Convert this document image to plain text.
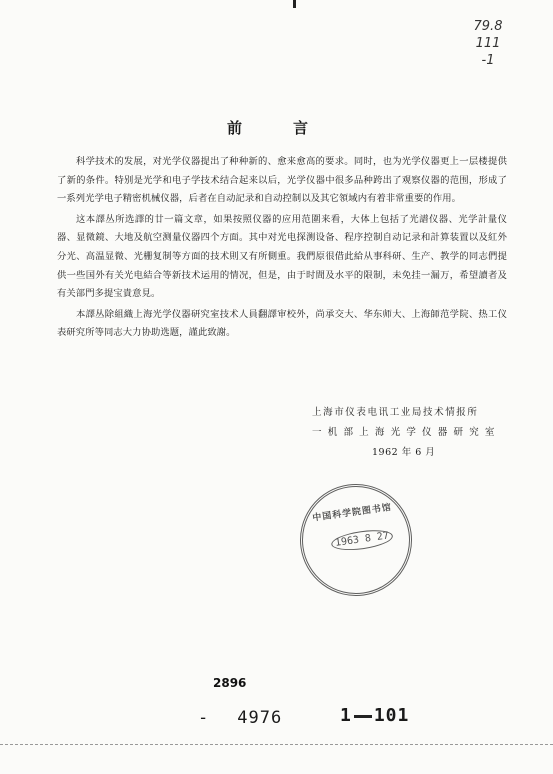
79.8
111
-1
前　言

科学技术的发展，对光学仪器提出了种种新的、愈来愈高的要求。同时，也为光学仪器更上一层楼提供了新的条件。特别是光学和电子学技术结合起来以后，光学仪器中很多品种跨出了观察仪器的范围，形成了一系列光学电子精密机械仪器，后者在自动記录和自动控制以及其它領域内有着非常重要的作用。

这本譯丛所选譯的廿一篇文章，如果按照仪器的应用范圍来看，大体上包括了光譜仪器、光学計量仪器、显微鏡、大地及航空测量仪器四个方面。其中对光电探测设备、程序控制自动记录和計算装置以及紅外分光、高温显微、光栅复制等方面的技术則又有所側重。我們原很借此給从事科研、生产、教学的同志們提供一些国外有关光电結合等新技术运用的情况，但是，由于时間及水平的限制，未免挂一漏万，希望讀者及有关部門多提宝貴意見。

本譯丛除組織上海光学仪器研究室技术人員翻譯审校外，尚承交大、华东师大、上海師范学院、热工仪表研究所等同志大力协助选题，謹此致謝。

上海市仪表电讯工业局技术情报所
一 机 部 上 海 光 学 仪 器 研 究 室
1962 年 6 月
中国科学院图书馆
1963 8 27
2896
- 4976	1 101
